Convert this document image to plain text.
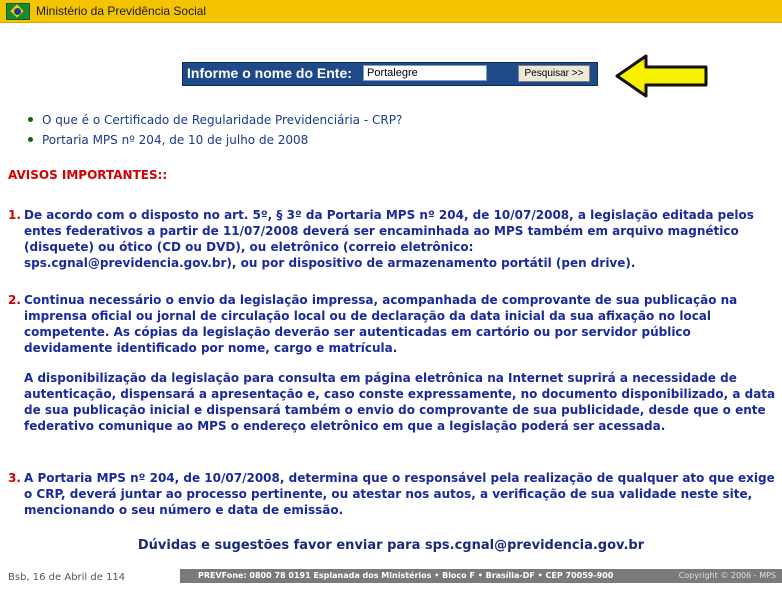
Ministério da Previdência Social
Informe o nome do Ente:
Portalegre	Pesquisar >>
O que é o Certificado de Regularidade Previdenciária - CRP?
Portaria MPS nº 204, de 10 de julho de 2008
AVISOS IMPORTANTES::
1. De acordo com o disposto no art. 5º, § 3º da Portaria MPS nº 204, de 10/07/2008, a legislação editada pelos entes federativos a partir de 11/07/2008 deverá ser encaminhada ao MPS também em arquivo magnético (disquete) ou ótico (CD ou DVD), ou eletrônico (correio eletrônico:
sps.cgnal@previdencia.gov.br), ou por dispositivo de armazenamento portátil (pen drive).
2. Continua necessário o envio da legislação impressa, acompanhada de comprovante de sua publicação na imprensa oficial ou jornal de circulação local ou de declaração da data inicial da sua afixação no local competente. As cópias da legislação deverão ser autenticadas em cartório ou por servidor público devidamente identificado por nome, cargo e matrícula.
A disponibilização da legislação para consulta em página eletrônica na Internet suprirá a necessidade de autenticação, dispensará a apresentação e, caso conste expressamente, no documento disponibilizado, a data de sua publicação inicial e dispensará também o envio do comprovante de sua publicidade, desde que o ente federativo comunique ao MPS o endereço eletrônico em que a legislação poderá ser acessada.
3. A Portaria MPS nº 204, de 10/07/2008, determina que o responsável pela realização de qualquer ato que exige o CRP, deverá juntar ao processo pertinente, ou atestar nos autos, a verificação de sua validade neste site, mencionando o seu número e data de emissão.
Dúvidas e sugestões favor enviar para sps.cgnal@previdencia.gov.br
Bsb, 16 de Abril de 114	PREVFone: 0800 78 0191 Esplanada dos Ministérios • Bloco F • Brasília-DF • CEP 70059-900	Copyright © 2006 - MPS
